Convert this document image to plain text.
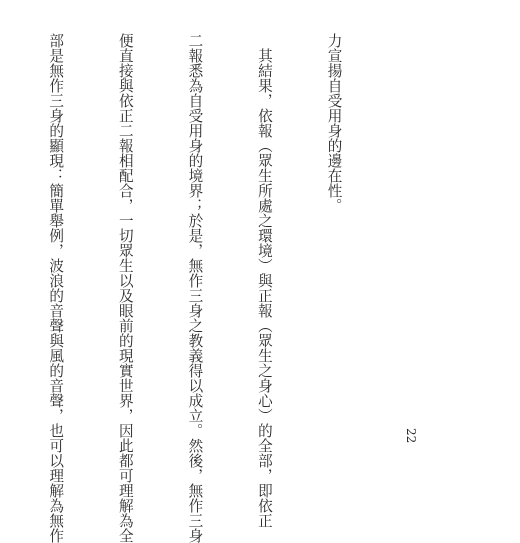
力宣揚自受用身的邊在性。

　其結果，依報（眾生所處之環境）與正報（眾生之身心）的全部，即依正

二報悉為自受用身的境界；於是，無作三身之教義得以成立。然後，無作三身

便直接與依正二報相配合，一切眾生以及眼前的現實世界，因此都可理解為全

部是無作三身的顯現：簡單舉例，波浪的音聲與風的音聲，也可以理解為無作

	22
